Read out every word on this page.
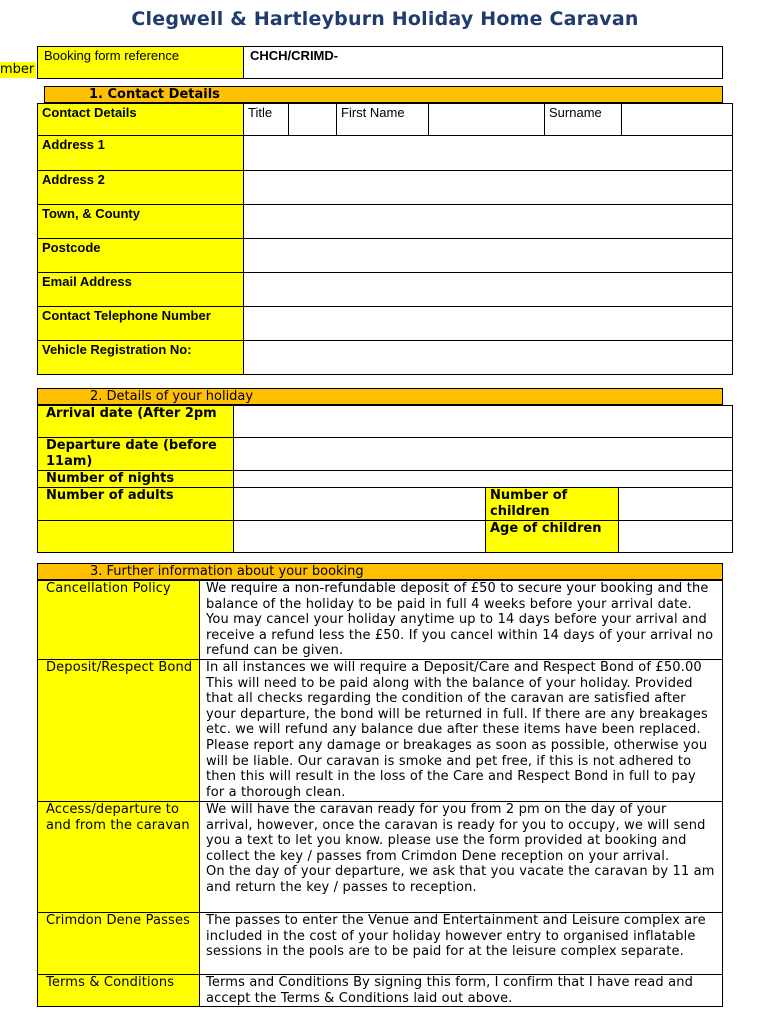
Clegwell & Hartleyburn Holiday Home Caravan
mber
Booking form reference	CHCH/CRIMD-
1. Contact Details
Contact Details	Title		First Name		Surname	
Address 1						
Address 2						
Town, & County						
Postcode						
Email Address						
Contact Telephone Number						
Vehicle Registration No:						
2. Details of your holiday
Arrival date (After 2pm			
Departure date (before 11am)			
Number of nights			
Number of adults		Number of children	
		Age of children	
3. Further information about your booking
Cancellation Policy	We require a non-refundable deposit of £50 to secure your booking and the balance of the holiday to be paid in full 4 weeks before your arrival date. You may cancel your holiday anytime up to 14 days before your arrival and receive a refund less the £50. If you cancel within 14 days of your arrival no refund can be given.
Deposit/Respect Bond	In all instances we will require a Deposit/Care and Respect Bond of £50.00 This will need to be paid along with the balance of your holiday. Provided that all checks regarding the condition of the caravan are satisfied after your departure, the bond will be returned in full. If there are any breakages etc. we will refund any balance due after these items have been replaced. Please report any damage or breakages as soon as possible, otherwise you will be liable. Our caravan is smoke and pet free, if this is not adhered to then this will result in the loss of the Care and Respect Bond in full to pay for a thorough clean.
Access/departure to and from the caravan	We will have the caravan ready for you from 2 pm on the day of your arrival, however, once the caravan is ready for you to occupy, we will send you a text to let you know. please use the form provided at booking and collect the key / passes from Crimdon Dene reception on your arrival.
On the day of your departure, we ask that you vacate the caravan by 11 am and return the key / passes to reception.

Crimdon Dene Passes	The passes to enter the Venue and Entertainment and Leisure complex are included in the cost of your holiday however entry to organised inflatable sessions in the pools are to be paid for at the leisure complex separate.
Terms & Conditions	Terms and Conditions By signing this form, I confirm that I have read and accept the Terms & Conditions laid out above.
